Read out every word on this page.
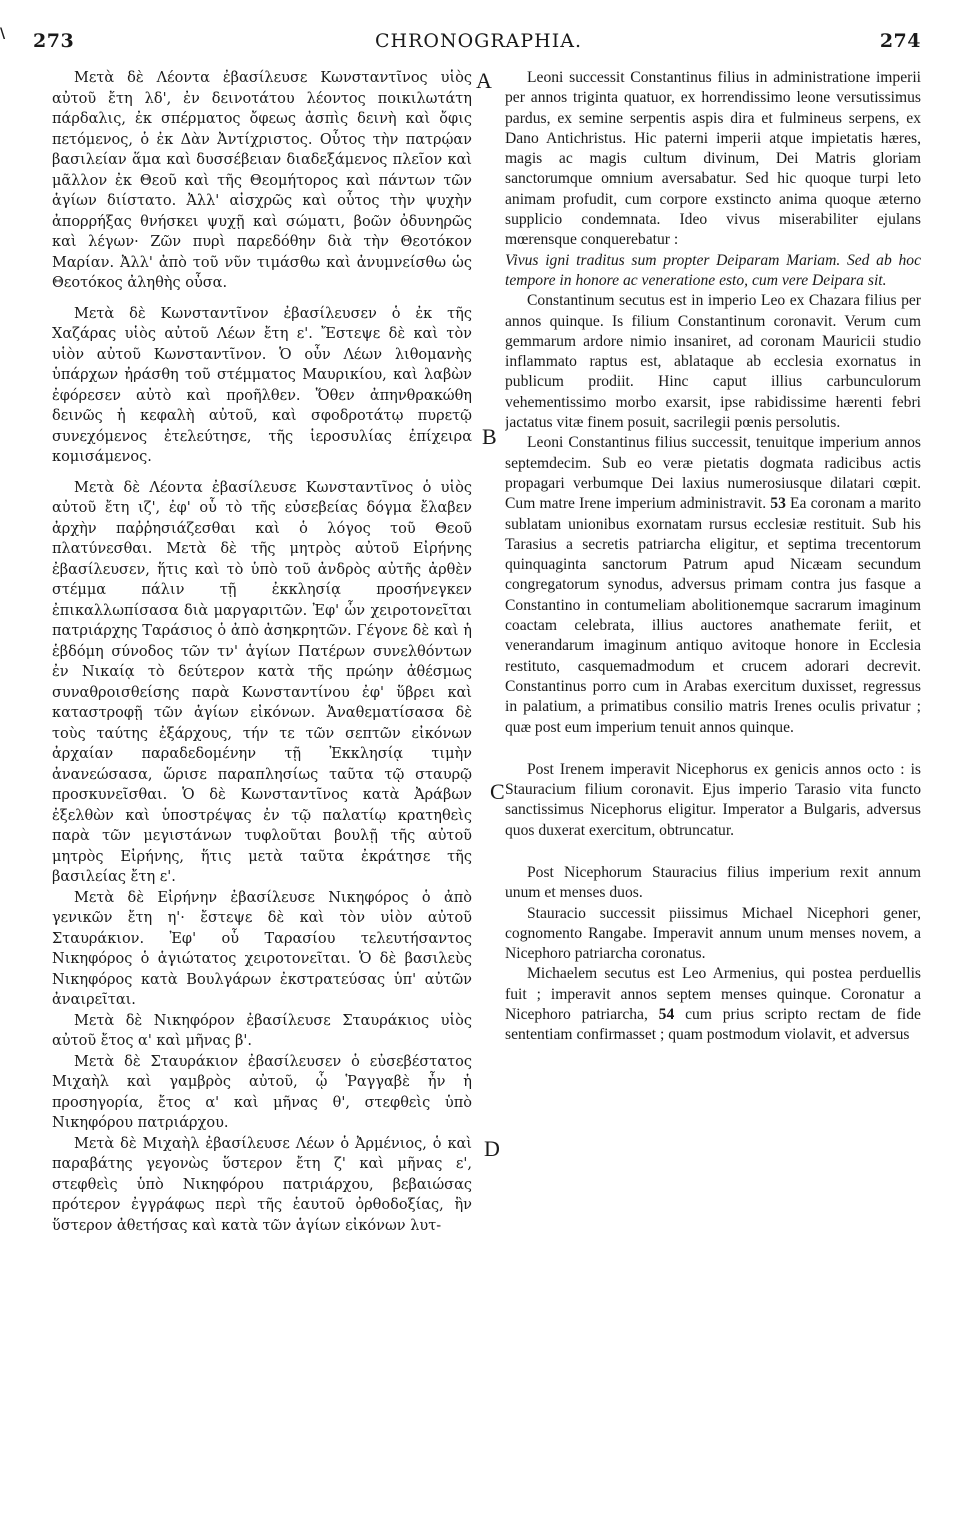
\ 273	CHRONOGRAPHIA.	274
A
B
C
D

Μετὰ δὲ Λέοντα ἐβασίλευσε Κωνσταντῖνος υἱὸς αὐτοῦ ἔτη λδ', ἐν δεινοτάτου λέοντος ποικιλωτάτη πάρδαλις, ἐκ σπέρματος ὄφεως ἀσπὶς δεινὴ καὶ ὄφις πετόμενος, ὁ ἐκ Δὰν Ἀντίχριστος. Οὗτος τὴν πατρῴαν βασιλείαν ἅμα καὶ δυσσέβειαν διαδεξάμενος πλεῖον καὶ μᾶλλον ἐκ Θεοῦ καὶ τῆς Θεομήτορος καὶ πάντων τῶν ἁγίων διίστατο. Ἀλλ' αἰσχρῶς καὶ οὗτος τὴν ψυχὴν ἀπορρήξας θνήσκει ψυχῇ καὶ σώματι, βοῶν ὀδυνηρῶς καὶ λέγων· Ζῶν πυρὶ παρεδόθην διὰ τὴν Θεοτόκον Μαρίαν. Ἀλλ' ἀπὸ τοῦ νῦν τιμάσθω καὶ ἀνυμνείσθω ὡς Θεοτόκος ἀληθὴς οὖσα.

Μετὰ δὲ Κωνσταντῖνον ἐβασίλευσεν ὁ ἐκ τῆς Χαζάρας υἱὸς αὐτοῦ Λέων ἔτη ε'. Ἔστεψε δὲ καὶ τὸν υἱὸν αὐτοῦ Κωνσταντῖνον. Ὁ οὖν Λέων λιθομανὴς ὑπάρχων ἠράσθη τοῦ στέμματος Μαυρικίου, καὶ λαβὼν ἐφόρεσεν αὐτὸ καὶ προῆλθεν. Ὅθεν ἀπηνθρακώθη δεινῶς ἡ κεφαλὴ αὐτοῦ, καὶ σφοδροτάτῳ πυρετῷ συνεχόμενος ἐτελεύτησε, τῆς ἱεροσυλίας ἐπίχειρα κομισάμενος.

Μετὰ δὲ Λέοντα ἐβασίλευσε Κωνσταντῖνος ὁ υἱὸς αὐτοῦ ἔτη ιζ', ἐφ' οὗ τὸ τῆς εὐσεβείας δόγμα ἔλαβεν ἀρχὴν παῤῥησιάζεσθαι καὶ ὁ λόγος τοῦ Θεοῦ πλατύνεσθαι. Μετὰ δὲ τῆς μητρὸς αὐτοῦ Εἰρήνης ἐβασίλευσεν, ἥτις καὶ τὸ ὑπὸ τοῦ ἀνδρὸς αὐτῆς ἀρθὲν στέμμα πάλιν τῇ ἐκκλησίᾳ προσήνεγκεν ἐπικαλλωπίσασα διὰ μαργαριτῶν. Ἐφ' ὧν χειροτονεῖται πατριάρχης Ταράσιος ὁ ἀπὸ ἀσηκρητῶν. Γέγονε δὲ καὶ ἡ ἑβδόμη σύνοδος τῶν τν' ἁγίων Πατέρων συνελθόντων ἐν Νικαίᾳ τὸ δεύτερον κατὰ τῆς πρώην ἀθέσμως συναθροισθείσης παρὰ Κωνσταντίνου ἐφ' ὕβρει καὶ καταστροφῇ τῶν ἁγίων εἰκόνων. Ἀναθεματίσασα δὲ τοὺς ταύτης ἐξάρχους, τήν τε τῶν σεπτῶν εἰκόνων ἀρχαίαν παραδεδομένην τῇ Ἐκκλησίᾳ τιμὴν ἀνανεώσασα, ὥρισε παραπλησίως ταῦτα τῷ σταυρῷ προσκυνεῖσθαι. Ὁ δὲ Κωνσταντῖνος κατὰ Ἀράβων ἐξελθὼν καὶ ὑποστρέψας ἐν τῷ παλατίῳ κρατηθεὶς παρὰ τῶν μεγιστάνων τυφλοῦται βουλῇ τῆς αὐτοῦ μητρὸς Εἰρήνης, ἥτις μετὰ ταῦτα ἐκράτησε τῆς βασιλείας ἔτη ε'.

Μετὰ δὲ Εἰρήνην ἐβασίλευσε Νικηφόρος ὁ ἀπὸ γενικῶν ἔτη η'· ἔστεψε δὲ καὶ τὸν υἱὸν αὐτοῦ Σταυράκιον. Ἐφ' οὗ Ταρασίου τελευτήσαντος Νικηφόρος ὁ ἁγιώτατος χειροτονεῖται. Ὁ δὲ βασιλεὺς Νικηφόρος κατὰ Βουλγάρων ἐκστρατεύσας ὑπ' αὐτῶν ἀναιρεῖται.

Μετὰ δὲ Νικηφόρον ἐβασίλευσε Σταυράκιος υἱὸς αὐτοῦ ἔτος α' καὶ μῆνας β'.

Μετὰ δὲ Σταυράκιον ἐβασίλευσεν ὁ εὐσεβέστατος Μιχαὴλ καὶ γαμβρὸς αὐτοῦ, ᾧ Ῥαγγαβὲ ἦν ἡ προσηγορία, ἔτος α' καὶ μῆνας θ', στεφθεὶς ὑπὸ Νικηφόρου πατριάρχου.

Μετὰ δὲ Μιχαὴλ ἐβασίλευσε Λέων ὁ Ἀρμένιος, ὁ καὶ παραβάτης γεγονὼς ὕστερον ἔτη ζ' καὶ μῆνας ε', στεφθεὶς ὑπὸ Νικηφόρου πατριάρχου, βεβαιώσας πρότερον ἐγγράφως περὶ τῆς ἑαυτοῦ ὀρθοδοξίας, ἣν ὕστερον ἀθετήσας καὶ κατὰ τῶν ἁγίων εἰκόνων λυτ-

Leoni successit Constantinus filius in administratione imperii per annos triginta quatuor, ex horrendissimo leone versutissimus pardus, ex semine serpentis aspis dira et fulmineus serpens, ex Dano Antichristus. Hic paterni imperii atque impietatis hæres, magis ac magis cultum divinum, Dei Matris gloriam sanctorumque omnium aversabatur. Sed hic quoque turpi leto animam profudit, cum corpore exstincto anima quoque æterno supplicio condemnata. Ideo vivus miserabiliter ejulans mœrensque conquerebatur :

Vivus igni traditus sum propter Deiparam Mariam. Sed ab hoc tempore in honore ac veneratione esto, cum vere Deipara sit.

Constantinum secutus est in imperio Leo ex Chazara filius per annos quinque. Is filium Constantinum coronavit. Verum cum gemmarum ardore nimio insaniret, ad coronam Mauricii studio inflammato raptus est, ablataque ab ecclesia exornatus in publicum prodiit. Hinc caput illius carbunculorum vehementissimo morbo exarsit, ipse rabidissime hærenti febri jactatus vitæ finem posuit, sacrilegii pœnis persolutis.

Leoni Constantinus filius successit, tenuitque imperium annos septemdecim. Sub eo veræ pietatis dogmata radicibus actis propagari verbumque Dei laxius numerosiusque dilatari cœpit. Cum matre Irene imperium administravit. 53 Ea coronam a marito sublatam unionibus exornatam rursus ecclesiæ restituit. Sub his Tarasius a secretis patriarcha eligitur, et septima trecentorum quinquaginta sanctorum Patrum apud Nicæam secundum congregatorum synodus, adversus primam contra jus fasque a Constantino in contumeliam abolitionemque sacrarum imaginum coactam celebrata, illius auctores anathemate feriit, et venerandarum imaginum antiquo avitoque honore in Ecclesia restituto, casquemadmodum et crucem adorari decrevit. Constantinus porro cum in Arabas exercitum duxisset, regressus in palatium, a primatibus consilio matris Irenes oculis privatur ; quæ post eum imperium tenuit annos quinque.

Post Irenem imperavit Nicephorus ex genicis annos octo : is Stauracium filium coronavit. Ejus imperio Tarasio vita functo sanctissimus Nicephorus eligitur. Imperator a Bulgaris, adversus quos duxerat exercitum, obtruncatur.

Post Nicephorum Stauracius filius imperium rexit annum unum et menses duos.

Stauracio successit piissimus Michael Nicephori gener, cognomento Rangabe. Imperavit annum unum menses novem, a Nicephoro patriarcha coronatus.

Michaelem secutus est Leo Armenius, qui postea perduellis fuit ; imperavit annos septem menses quinque. Coronatur a Nicephoro patriarcha, 54 cum prius scripto rectam de fide sententiam confirmasset ; quam postmodum violavit, et adversus
